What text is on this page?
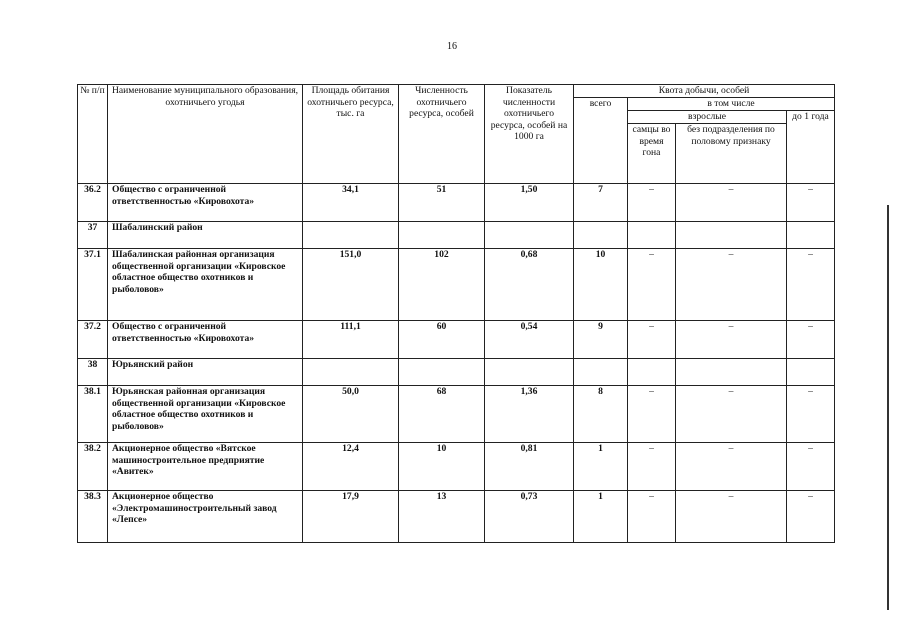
16
№ п/п	Наименование муниципального образования, охотничьего угодья	Площадь обитания охотничьего ресурса, тыс. га	Численность охотничьего ресурса, особей	Показатель численности охотничьего ресурса, особей на 1000 га	Квота добычи, особей			
					всего	в том числе		
						взрослые		до 1 года
						самцы во время гона	без подразделения по половому признаку	
36.2	Общество с ограниченной ответственностью «Кировохота»	34,1	51	1,50	7	–	–	–
37	Шабалинский район							
37.1	Шабалинская районная организация общественной организации «Кировское областное общество охотников и рыболовов»	151,0	102	0,68	10	–	–	–
37.2	Общество с ограниченной ответственностью «Кировохота»	111,1	60	0,54	9	–	–	–
38	Юрьянский район							
38.1	Юрьянская районная организация общественной организации «Кировское областное общество охотников и рыболовов»	50,0	68	1,36	8	–	–	–
38.2	Акционерное общество «Вятское машиностроительное предприятие «Авитек»	12,4	10	0,81	1	–	–	–
38.3	Акционерное общество «Электромашиностроительный завод «Лепсе»	17,9	13	0,73	1	–	–	–
